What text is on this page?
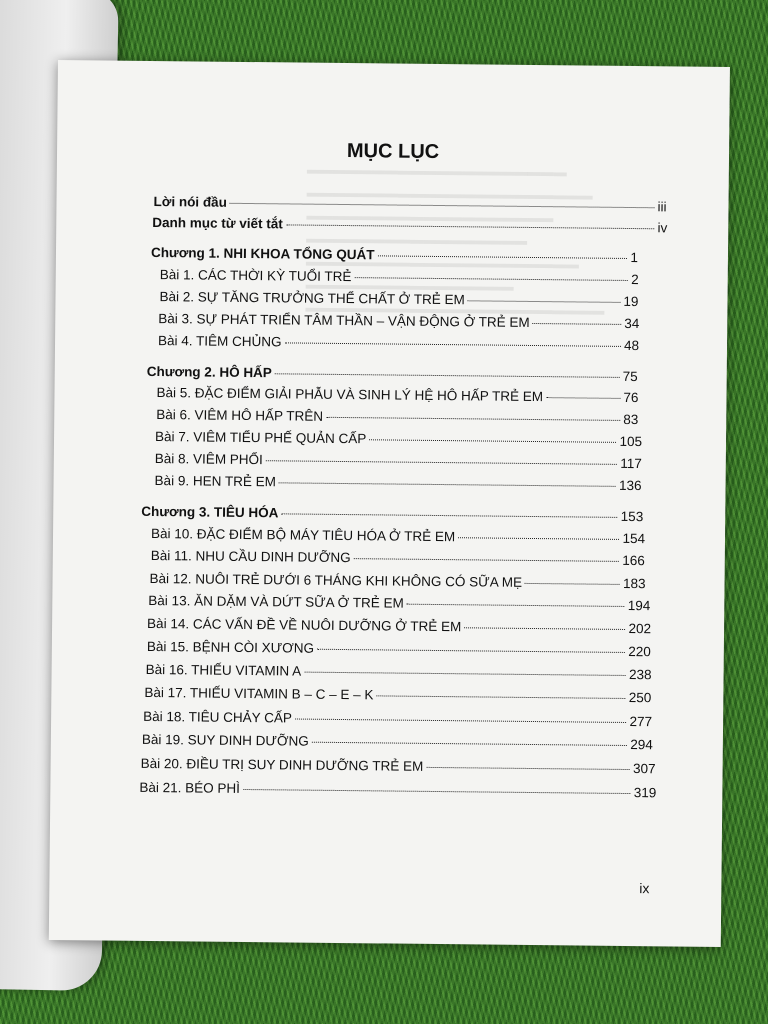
▬▬▬▬▬▬▬▬▬▬▬▬▬▬▬▬▬▬▬▬
▬▬▬▬▬▬▬▬▬▬▬▬▬▬▬▬▬▬▬▬▬▬
▬▬▬▬▬▬▬▬▬▬▬▬▬▬▬▬▬▬▬
▬▬▬▬▬▬▬▬▬▬▬▬▬▬▬▬▬
▬▬▬▬▬▬▬▬▬▬▬▬▬▬▬▬▬▬▬▬▬
▬▬▬▬▬▬▬▬▬▬▬▬▬▬▬▬
▬▬▬▬▬▬▬▬▬▬▬▬▬▬▬▬▬▬▬▬▬▬▬
MỤC LỤC
Lời nói đầu	iii
Danh mục từ viết tắt	iv
Chương 1. NHI KHOA TỔNG QUÁT	1
Bài 1. CÁC THỜI KỲ TUỔI TRẺ	2
Bài 2. SỰ TĂNG TRƯỞNG THỂ CHẤT Ở TRẺ EM	19
Bài 3. SỰ PHÁT TRIỂN TÂM THẦN – VẬN ĐỘNG Ở TRẺ EM	34
Bài 4. TIÊM CHỦNG	48
Chương 2. HÔ HẤP	75
Bài 5. ĐẶC ĐIỂM GIẢI PHẪU VÀ SINH LÝ HỆ HÔ HẤP TRẺ EM	76
Bài 6. VIÊM HÔ HẤP TRÊN	83
Bài 7. VIÊM TIỂU PHẾ QUẢN CẤP	105
Bài 8. VIÊM PHỔI	117
Bài 9. HEN TRẺ EM	136
Chương 3. TIÊU HÓA	153
Bài 10. ĐẶC ĐIỂM BỘ MÁY TIÊU HÓA Ở TRẺ EM	154
Bài 11. NHU CẦU DINH DƯỠNG	166
Bài 12. NUÔI TRẺ DƯỚI 6 THÁNG KHI KHÔNG CÓ SỮA MẸ	183
Bài 13. ĂN DẶM VÀ DỨT SỮA Ở TRẺ EM	194
Bài 14. CÁC VẤN ĐỀ VỀ NUÔI DƯỠNG Ở TRẺ EM	202
Bài 15. BỆNH CÒI XƯƠNG	220
Bài 16. THIẾU VITAMIN A	238
Bài 17. THIẾU VITAMIN B – C – E – K	250
Bài 18. TIÊU CHẢY CẤP	277
Bài 19. SUY DINH DƯỠNG	294
Bài 20. ĐIỀU TRỊ SUY DINH DƯỠNG TRẺ EM	307
Bài 21. BÉO PHÌ	319
ix
